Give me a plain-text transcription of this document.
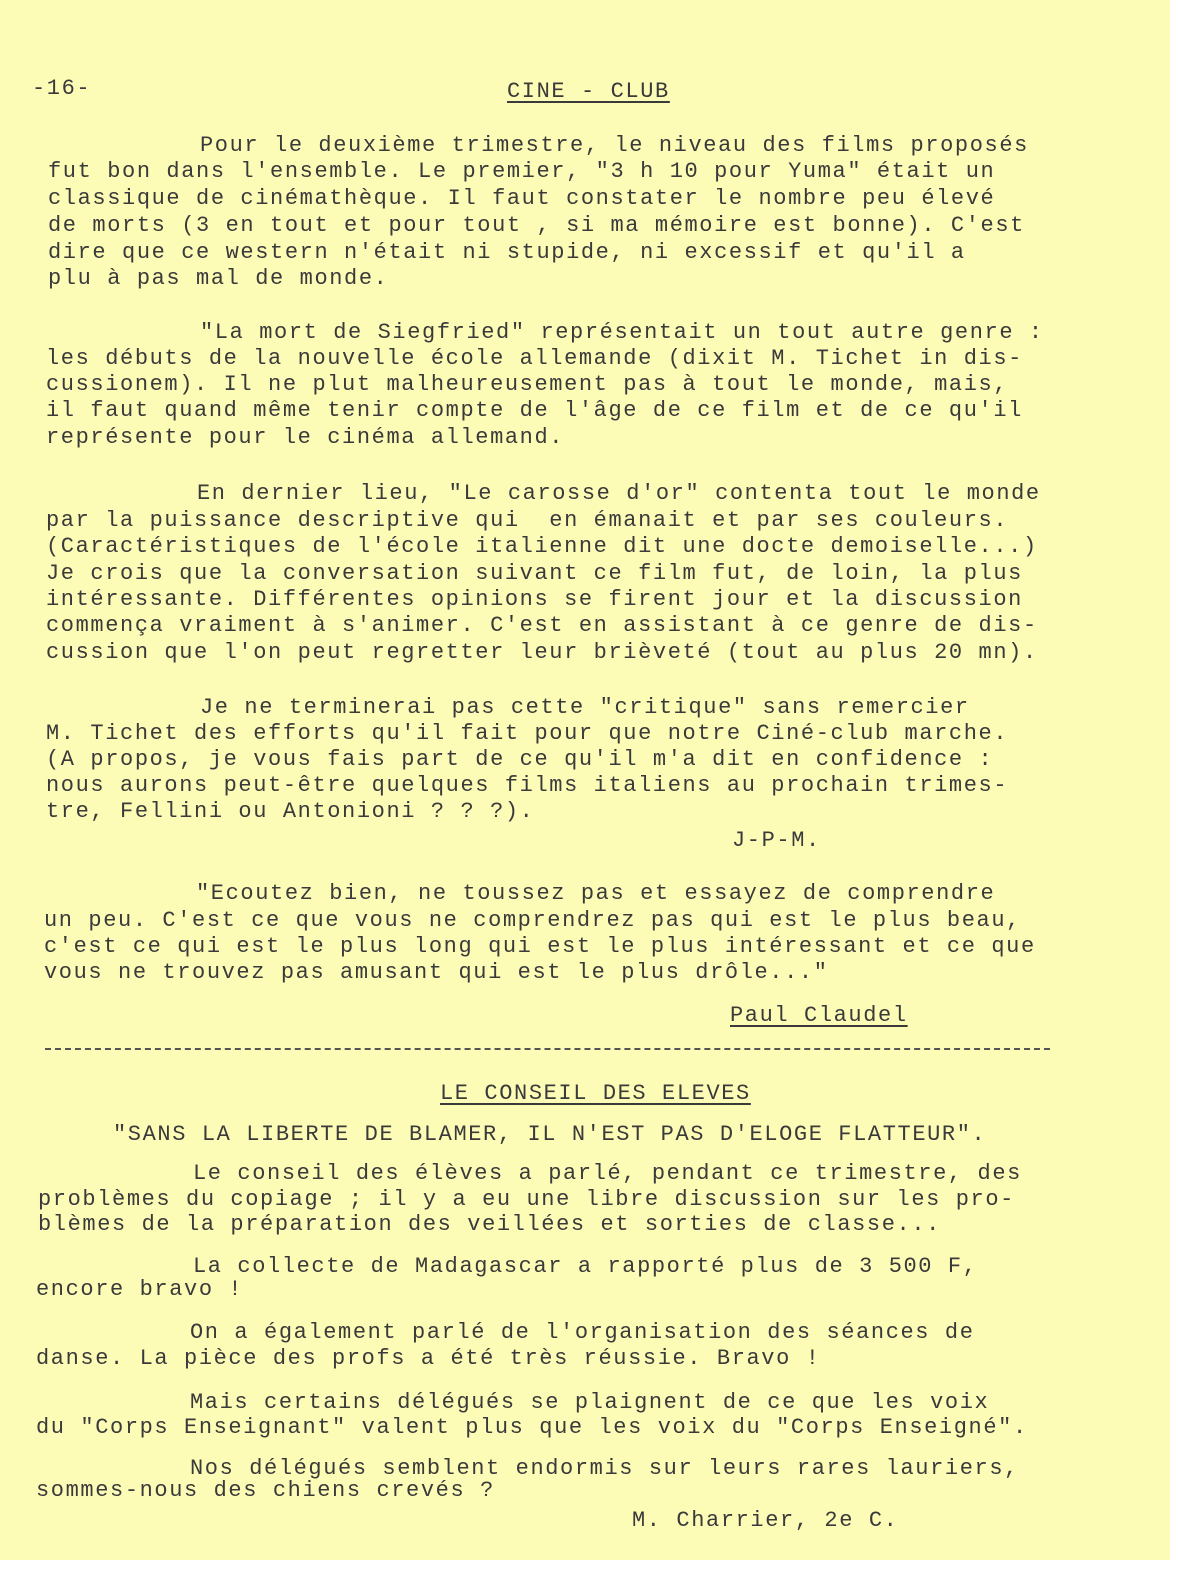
-16-	CINE - CLUB
Pour le deuxième trimestre, le niveau des films proposés
fut bon dans l'ensemble. Le premier, "3 h 10 pour Yuma" était un
classique de cinémathèque. Il faut constater le nombre peu élevé
de morts (3 en tout et pour tout , si ma mémoire est bonne). C'est
dire que ce western n'était ni stupide, ni excessif et qu'il a
plu à pas mal de monde.
"La mort de Siegfried" représentait un tout autre genre :
les débuts de la nouvelle école allemande (dixit M. Tichet in dis-
cussionem). Il ne plut malheureusement pas à tout le monde, mais,
il faut quand même tenir compte de l'âge de ce film et de ce qu'il
représente pour le cinéma allemand.
En dernier lieu, "Le carosse d'or" contenta tout le monde
par la puissance descriptive qui  en émanait et par ses couleurs.
(Caractéristiques de l'école italienne dit une docte demoiselle...)
Je crois que la conversation suivant ce film fut, de loin, la plus
intéressante. Différentes opinions se firent jour et la discussion
commença vraiment à s'animer. C'est en assistant à ce genre de dis-
cussion que l'on peut regretter leur brièveté (tout au plus 20 mn).
Je ne terminerai pas cette "critique" sans remercier
M. Tichet des efforts qu'il fait pour que notre Ciné-club marche.
(A propos, je vous fais part de ce qu'il m'a dit en confidence :
nous aurons peut-être quelques films italiens au prochain trimes-
tre, Fellini ou Antonioni ? ? ?).
J-P-M.
"Ecoutez bien, ne toussez pas et essayez de comprendre
un peu. C'est ce que vous ne comprendrez pas qui est le plus beau,
c'est ce qui est le plus long qui est le plus intéressant et ce que
vous ne trouvez pas amusant qui est le plus drôle..."
Paul Claudel
LE CONSEIL DES ELEVES
"SANS LA LIBERTE DE BLAMER, IL N'EST PAS D'ELOGE FLATTEUR".
Le conseil des élèves a parlé, pendant ce trimestre, des
problèmes du copiage ; il y a eu une libre discussion sur les pro-
blèmes de la préparation des veillées et sorties de classe...
La collecte de Madagascar a rapporté plus de 3 500 F,
encore bravo !
On a également parlé de l'organisation des séances de
danse. La pièce des profs a été très réussie. Bravo !
Mais certains délégués se plaignent de ce que les voix
du "Corps Enseignant" valent plus que les voix du "Corps Enseigné".
Nos délégués semblent endormis sur leurs rares lauriers,
sommes-nous des chiens crevés ?
M. Charrier, 2e C.
